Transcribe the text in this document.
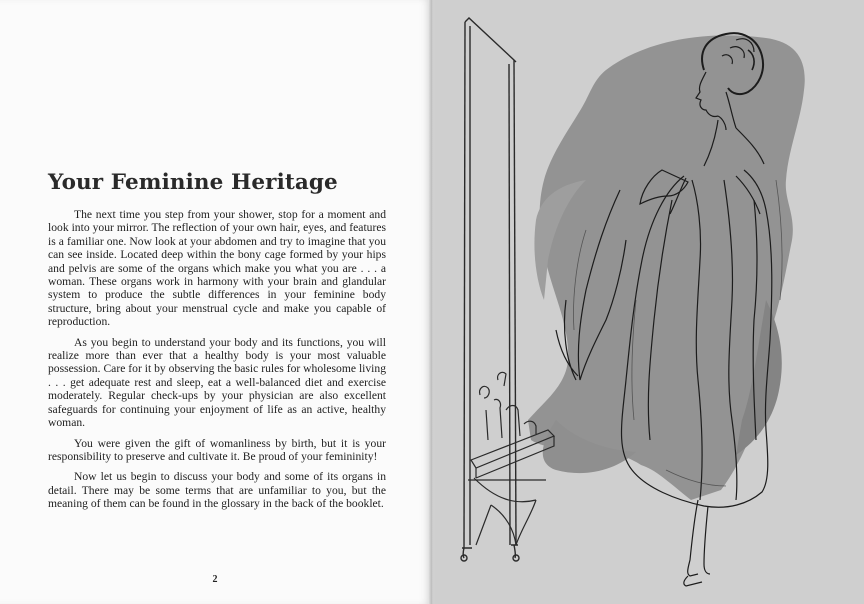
Your Feminine Heritage

The next time you step from your shower, stop for a moment and look into your mirror. The reflection of your own hair, eyes, and features is a familiar one. Now look at your abdomen and try to imagine that you can see inside. Located deep within the bony cage formed by your hips and pelvis are some of the organs which make you what you are . . . a woman. These organs work in harmony with your brain and glandular system to produce the subtle differences in your feminine body structure, bring about your menstrual cycle and make you capable of reproduction.

As you begin to understand your body and its functions, you will realize more than ever that a healthy body is your most valuable possession. Care for it by observing the basic rules for wholesome living . . . get adequate rest and sleep, eat a well-balanced diet and exercise moderately. Regular check-ups by your physician are also excellent safeguards for continuing your enjoyment of life as an active, healthy woman.

You were given the gift of womanliness by birth, but it is your responsibility to preserve and cultivate it. Be proud of your femininity!

Now let us begin to discuss your body and some of its organs in detail. There may be some terms that are unfamiliar to you, but the meaning of them can be found in the glossary in the back of the booklet.

2
